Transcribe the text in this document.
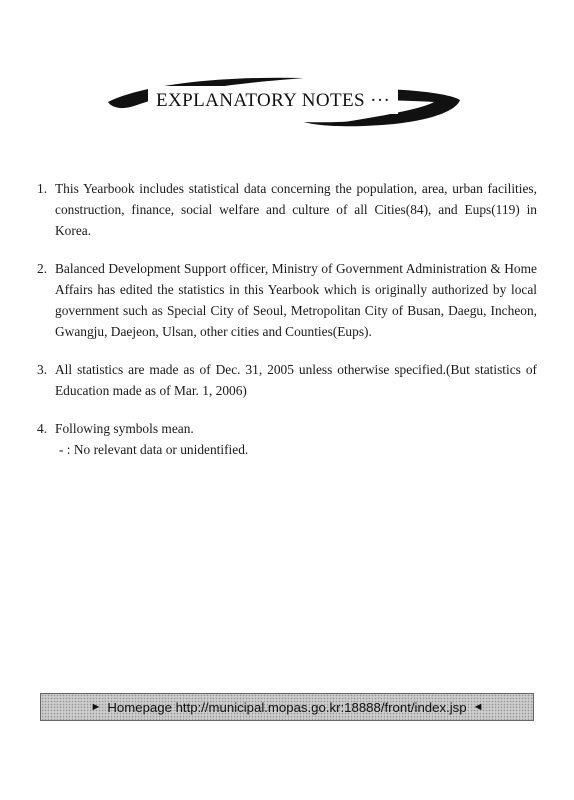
EXPLANATORY NOTES ···
1. This Yearbook includes statistical data concerning the population, area, urban facilities, construction, finance, social welfare and culture of all Cities(84), and Eups(119) in Korea.
2. Balanced Development Support officer, Ministry of Government Administration & Home Affairs has edited the statistics in this Yearbook which is originally authorized by local government such as Special City of Seoul, Metropolitan City of Busan, Daegu, Incheon, Gwangju, Daejeon, Ulsan, other cities and Counties(Eups).
3. All statistics are made as of Dec. 31, 2005 unless otherwise specified.(But statistics of Education made as of Mar. 1, 2006)
4. Following symbols mean.
- : No relevant data or unidentified.
► Homepage http://municipal.mopas.go.kr:18888/front/index.jsp ◄
